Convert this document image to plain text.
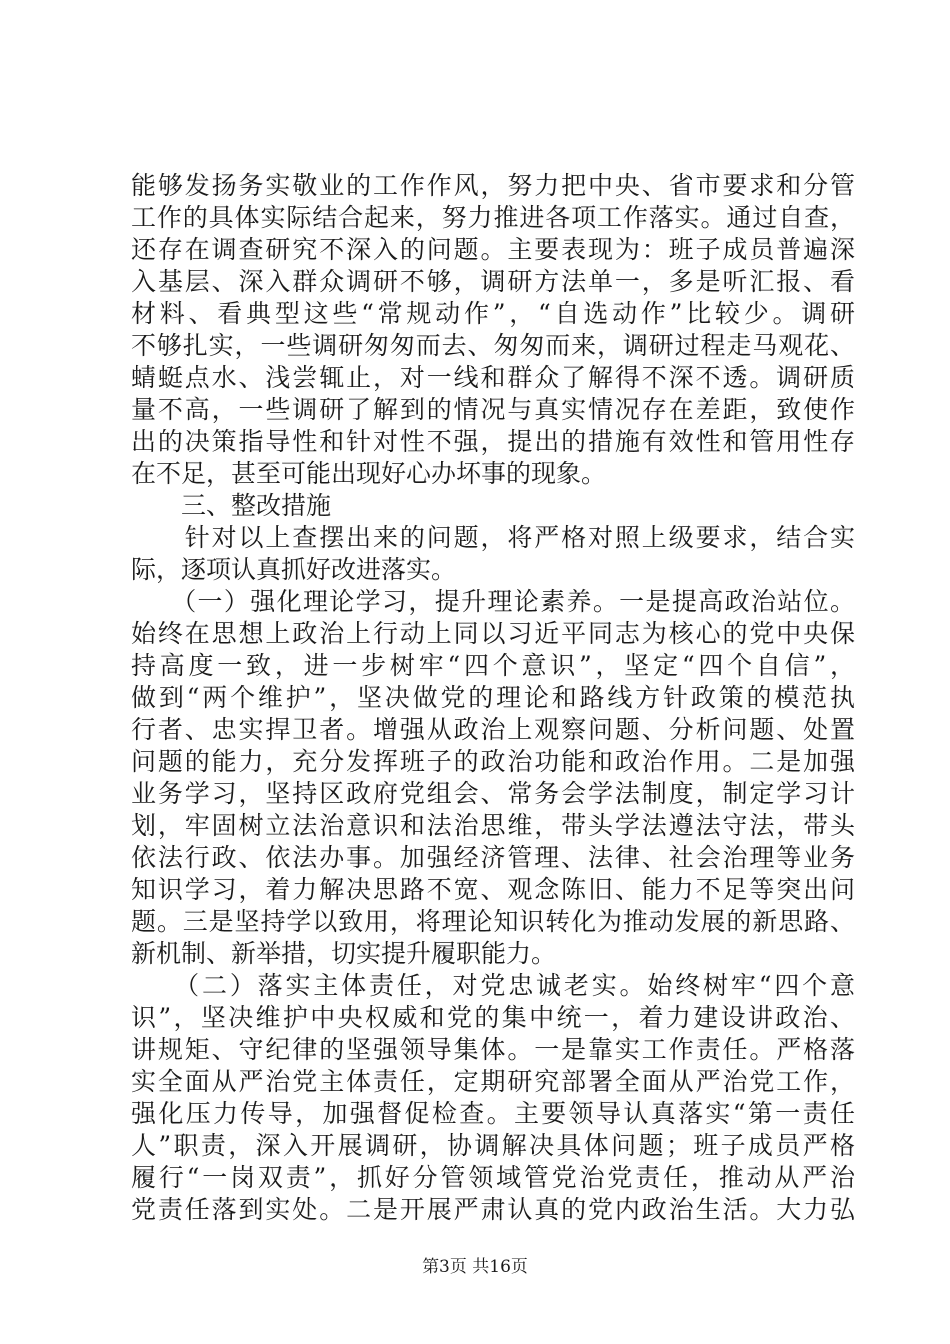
能够发扬务实敬业的工作作风，努力把中央、省市要求和分管
工作的具体实际结合起来，努力推进各项工作落实。通过自查，
还存在调查研究不深入的问题。主要表现为：班子成员普遍深
入基层、深入群众调研不够，调研方法单一，多是听汇报、看
材料、看典型这些“常规动作”，“自选动作”比较少。调研
不够扎实，一些调研匆匆而去、匆匆而来，调研过程走马观花、
蜻蜓点水、浅尝辄止，对一线和群众了解得不深不透。调研质
量不高，一些调研了解到的情况与真实情况存在差距，致使作
出的决策指导性和针对性不强，提出的措施有效性和管用性存
在不足，甚至可能出现好心办坏事的现象。
　　三、整改措施
　　针对以上查摆出来的问题，将严格对照上级要求，结合实
际，逐项认真抓好改进落实。
　　（一）强化理论学习，提升理论素养。一是提高政治站位。
始终在思想上政治上行动上同以习近平同志为核心的党中央保
持高度一致，进一步树牢“四个意识”，坚定“四个自信”，
做到“两个维护”，坚决做党的理论和路线方针政策的模范执
行者、忠实捍卫者。增强从政治上观察问题、分析问题、处置
问题的能力，充分发挥班子的政治功能和政治作用。二是加强
业务学习，坚持区政府党组会、常务会学法制度，制定学习计
划，牢固树立法治意识和法治思维，带头学法遵法守法，带头
依法行政、依法办事。加强经济管理、法律、社会治理等业务
知识学习，着力解决思路不宽、观念陈旧、能力不足等突出问
题。三是坚持学以致用，将理论知识转化为推动发展的新思路、
新机制、新举措，切实提升履职能力。
　　（二）落实主体责任，对党忠诚老实。始终树牢“四个意
识”，坚决维护中央权威和党的集中统一，着力建设讲政治、
讲规矩、守纪律的坚强领导集体。一是靠实工作责任。严格落
实全面从严治党主体责任，定期研究部署全面从严治党工作，
强化压力传导，加强督促检查。主要领导认真落实“第一责任
人”职责，深入开展调研，协调解决具体问题；班子成员严格
履行“一岗双责”，抓好分管领域管党治党责任，推动从严治
党责任落到实处。二是开展严肃认真的党内政治生活。大力弘
第3页 共16页
